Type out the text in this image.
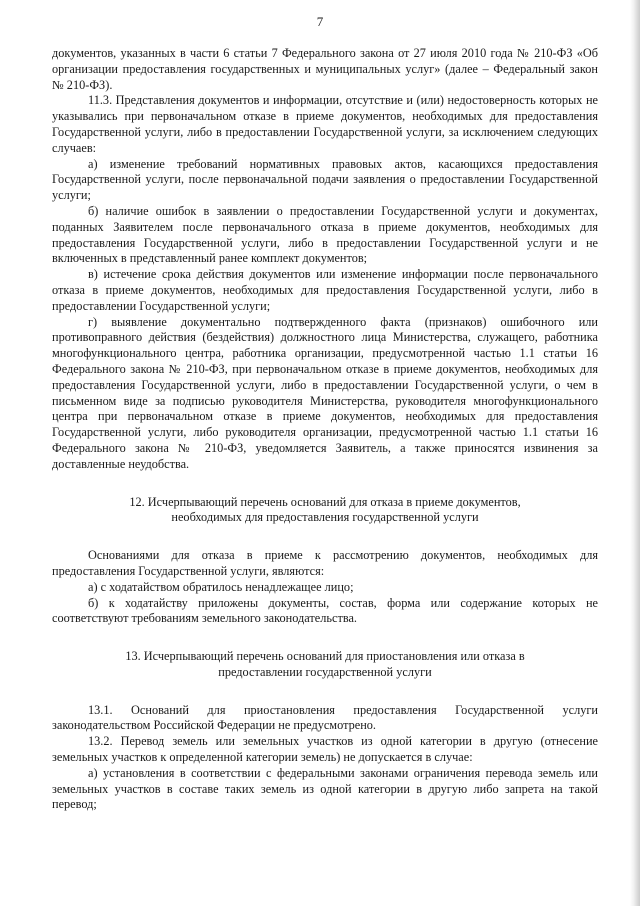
7

документов, указанных в части 6 статьи 7 Федерального закона от 27 июля 2010 года № 210-ФЗ «Об организации предоставления государственных и муниципальных услуг» (далее – Федеральный закон № 210-ФЗ).

11.3. Представления документов и информации, отсутствие и (или) недостоверность которых не указывались при первоначальном отказе в приеме документов, необходимых для предоставления Государственной услуги, либо в предоставлении Государственной услуги, за исключением следующих случаев:

а) изменение требований нормативных правовых актов, касающихся предоставления Государственной услуги, после первоначальной подачи заявления о предоставлении Государственной услуги;

б) наличие ошибок в заявлении о предоставлении Государственной услуги и документах, поданных Заявителем после первоначального отказа в приеме документов, необходимых для предоставления Государственной услуги, либо в предоставлении Государственной услуги и не включенных в представленный ранее комплект документов;

в) истечение срока действия документов или изменение информации после первоначального отказа в приеме документов, необходимых для предоставления Государственной услуги, либо в предоставлении Государственной услуги;

г) выявление документально подтвержденного факта (признаков) ошибочного или противоправного действия (бездействия) должностного лица Министерства, служащего, работника многофункционального центра, работника организации, предусмотренной частью 1.1 статьи 16 Федерального закона № 210-ФЗ, при первоначальном отказе в приеме документов, необходимых для предоставления Государственной услуги, либо в предоставлении Государственной услуги, о чем в письменном виде за подписью руководителя Министерства, руководителя многофункционального центра при первоначальном отказе в приеме документов, необходимых для предоставления Государственной услуги, либо руководителя организации, предусмотренной частью 1.1 статьи 16 Федерального закона № 210-ФЗ, уведомляется Заявитель, а также приносятся извинения за доставленные неудобства.

12. Исчерпывающий перечень оснований для отказа в приеме документов,
необходимых для предоставления государственной услуги

Основаниями для отказа в приеме к рассмотрению документов, необходимых для предоставления Государственной услуги, являются:

а) с ходатайством обратилось ненадлежащее лицо;

б) к ходатайству приложены документы, состав, форма или содержание которых не соответствуют требованиям земельного законодательства.

13. Исчерпывающий перечень оснований для приостановления или отказа в
предоставлении государственной услуги

13.1. Оснований для приостановления предоставления Государственной услуги законодательством Российской Федерации не предусмотрено.

13.2. Перевод земель или земельных участков из одной категории в другую (отнесение земельных участков к определенной категории земель) не допускается в случае:

а) установления в соответствии с федеральными законами ограничения перевода земель или земельных участков в составе таких земель из одной категории в другую либо запрета на такой перевод;
